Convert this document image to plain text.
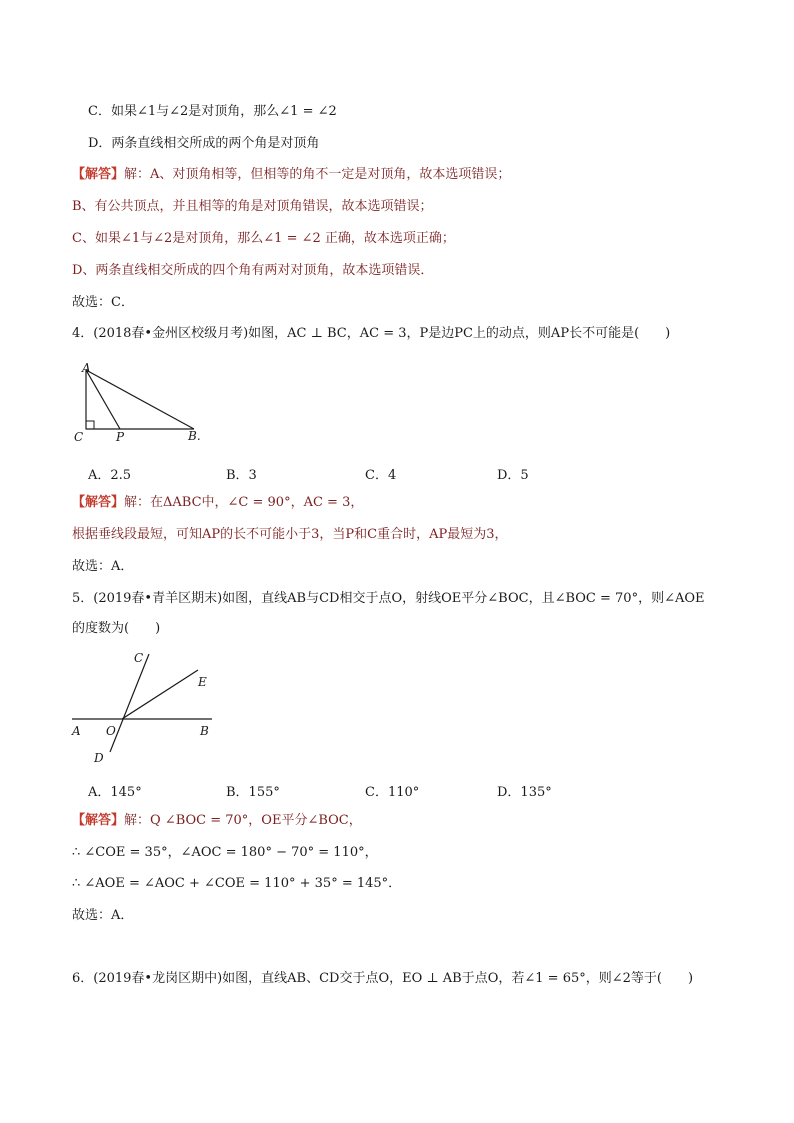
C．如果∠1与∠2是对顶角，那么∠1 = ∠2
D．两条直线相交所成的两个角是对顶角
【解答】解：A、对顶角相等，但相等的角不一定是对顶角，故本选项错误；
B、有公共顶点，并且相等的角是对顶角错误，故本选项错误；
C、如果∠1与∠2是对顶角，那么∠1 = ∠2 正确，故本选项正确；
D、两条直线相交所成的四个角有两对对顶角，故本选项错误．
故选：C．
4．(2018春•金州区校级月考)如图，AC ⊥ BC，AC = 3，P是边PC上的动点，则AP长不可能是(　　)
A
C	P	B.
A．2.5	B．3	C．4	D．5
【解答】解：在ΔABC中，∠C = 90°，AC = 3，
根据垂线段最短，可知AP的长不可能小于3，当P和C重合时，AP最短为3，
故选：A．
5．(2019春•青羊区期末)如图，直线AB与CD相交于点O，射线OE平分∠BOC，且∠BOC = 70°，则∠AOE
的度数为(　　)
C
E
A O	B
D
A．145°	B．155°	C．110°	D．135°
【解答】解：Q ∠BOC = 70°，OE平分∠BOC，
∴ ∠COE = 35°，∠AOC = 180° − 70° = 110°，
∴ ∠AOE = ∠AOC + ∠COE = 110° + 35° = 145°．
故选：A．
6．(2019春•龙岗区期中)如图，直线AB、CD交于点O，EO ⊥ AB于点O，若∠1 = 65°，则∠2等于(　　)
